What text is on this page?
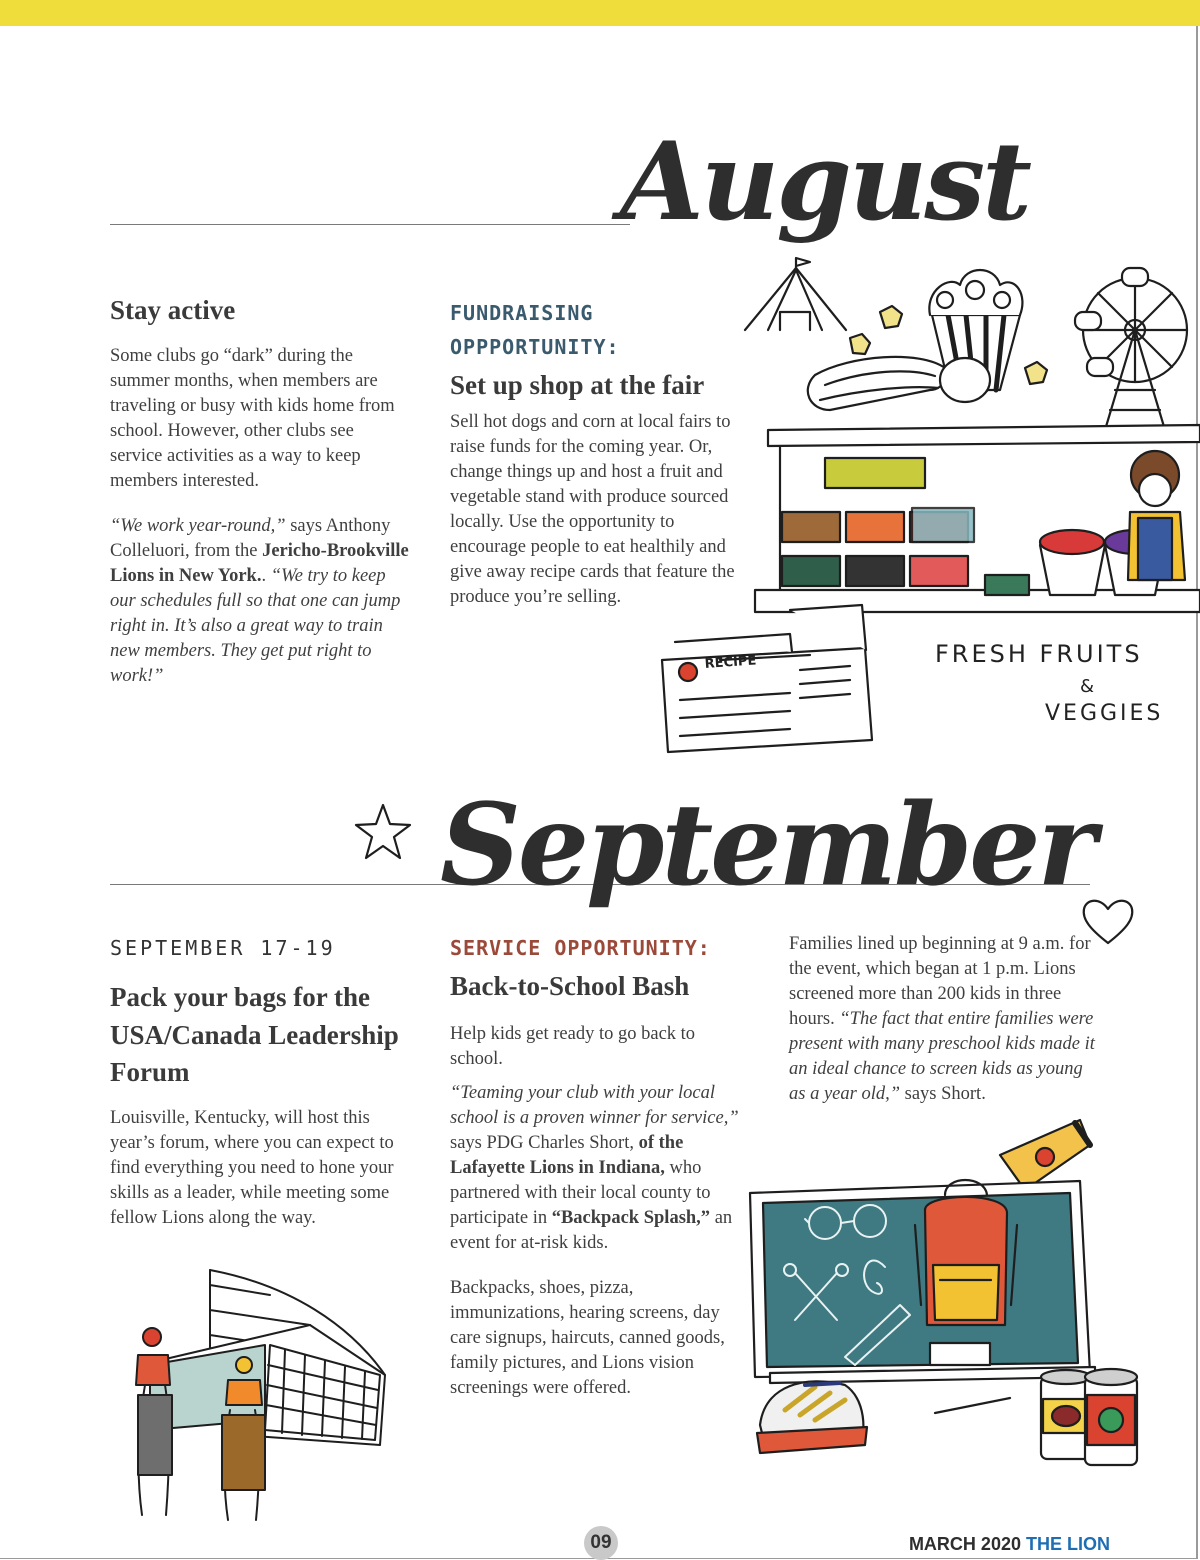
August
Stay active

Some clubs go “dark” during the summer months, when members are traveling or busy with kids home from school. However, other clubs see service activities as a way to keep members interested.

“We work year-round,” says Anthony Colleluori, from the Jericho-Brookville Lions in New York.. “We try to keep our schedules full so that one can jump right in. It’s also a great way to train new members. They get put right to work!”

FUNDRAISING
OPPPORTUNITY:
Set up shop at the fair

Sell hot dogs and corn at local fairs to raise funds for the coming year. Or, change things up and host a fruit and vegetable stand with produce sourced locally. Use the opportunity to encourage people to eat healthily and give away recipe cards that feature the produce you’re selling.

RECIPE	FRESH FRUITS
&
VEGGIES
September
SEPTEMBER 17-19
Pack your bags for the USA/Canada Leadership Forum

Louisville, Kentucky, will host this year’s forum, where you can expect to find everything you need to hone your skills as a leader, while meeting some fellow Lions along the way.

SERVICE OPPORTUNITY:
Back-to-School Bash

Help kids get ready to go back to school.

“Teaming your club with your local school is a proven winner for service,” says PDG Charles Short, of the Lafayette Lions in Indiana, who partnered with their local county to participate in “Backpack Splash,” an event for at-risk kids.

Backpacks, shoes, pizza, immunizations, hearing screens, day care signups, haircuts, canned goods, family pictures, and Lions vision screenings were offered.

Families lined up beginning at 9 a.m. for the event, which began at 1 p.m. Lions screened more than 200 kids in three hours. “The fact that entire families were present with many preschool kids made it an ideal chance to screen kids as young as a year old,” says Short.

09	MARCH 2020 THE LION
